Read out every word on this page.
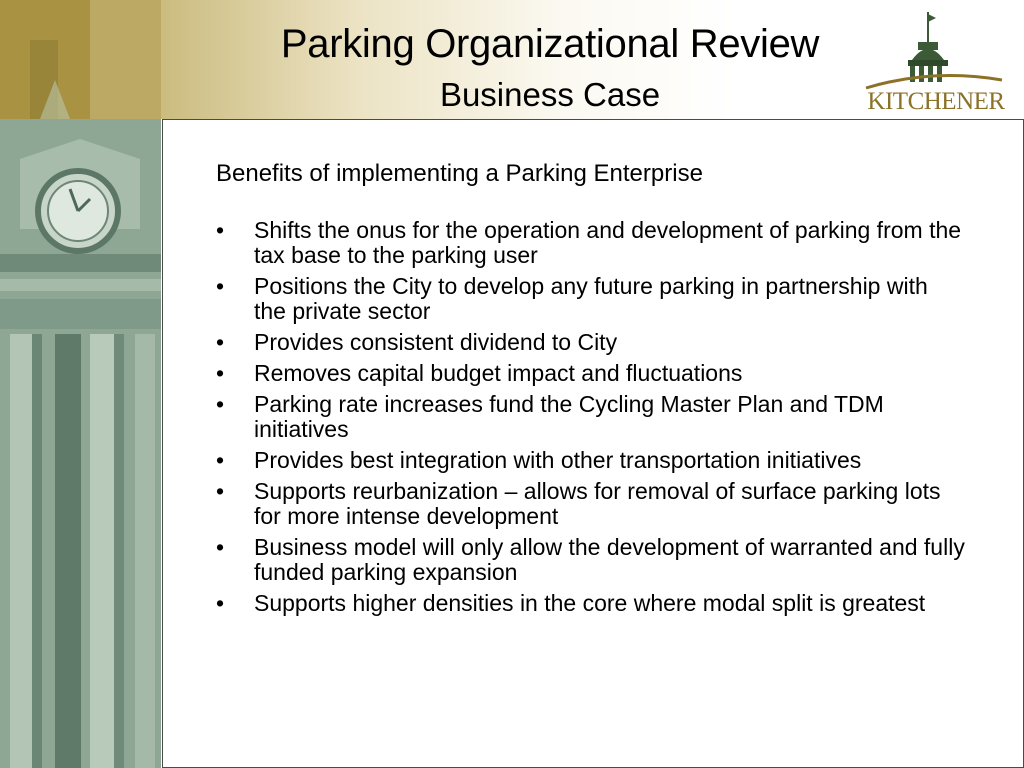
Parking Organizational Review
Business Case	KITCHENER
Benefits of implementing a Parking Enterprise
• Shifts the onus for the operation and development of parking from the tax base to the parking user
• Positions the City to develop any future parking in partnership with the private sector
• Provides consistent dividend to City
• Removes capital budget impact and fluctuations
• Parking rate increases fund the Cycling Master Plan and TDM initiatives
• Provides best integration with other transportation initiatives
• Supports reurbanization – allows for removal of surface parking lots for more intense development
• Business model will only allow the development of warranted and fully funded parking expansion
• Supports higher densities in the core where modal split is greatest
